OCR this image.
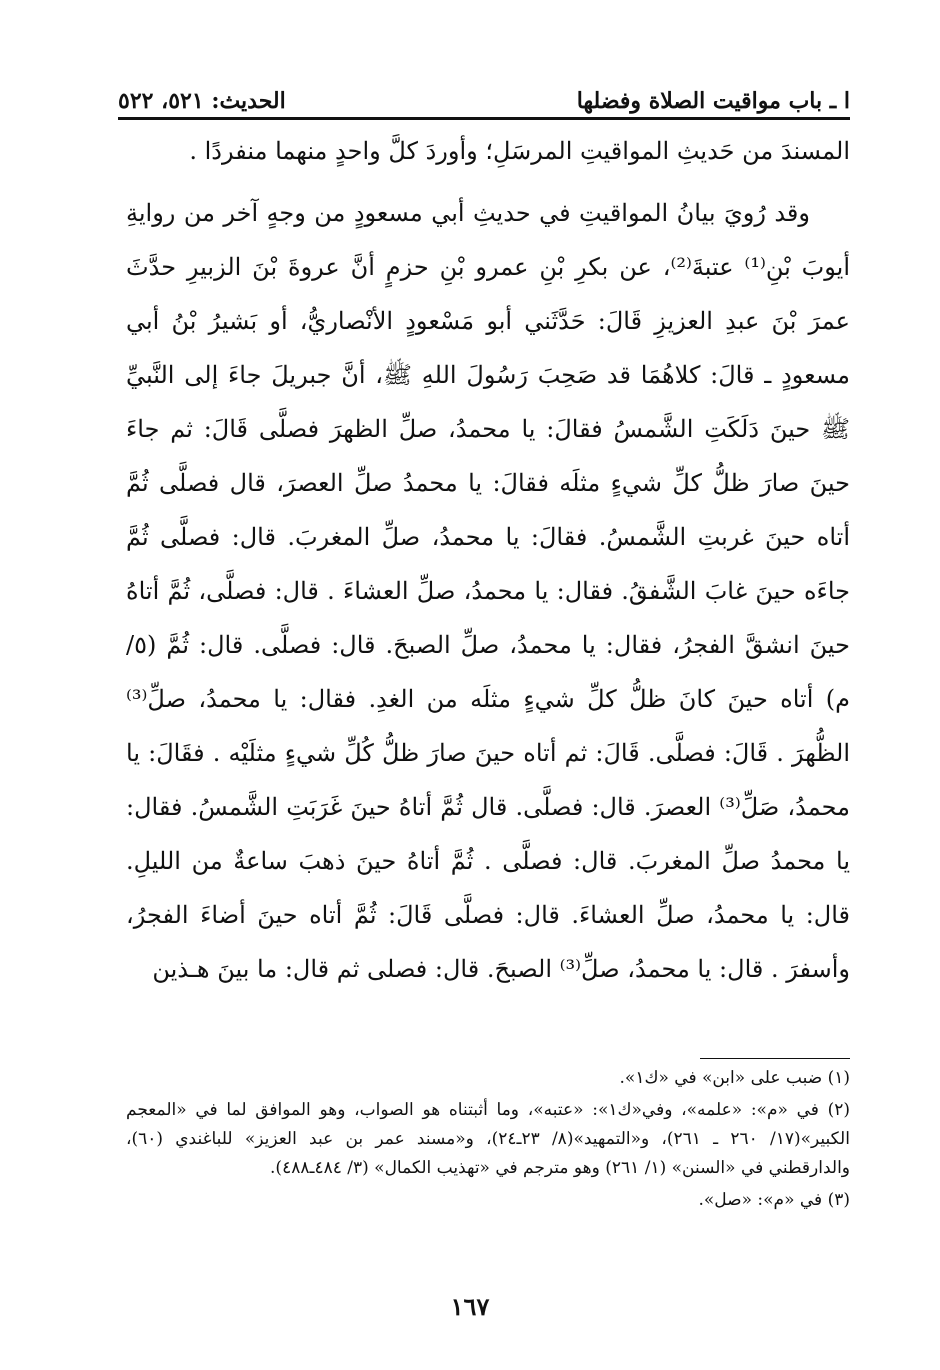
ا ـ باب مواقيت الصلاة وفضلها
الحديث: ٥٢١، ٥٢٢

المسندَ من حَديثِ المواقيتِ المرسَلِ؛ وأوردَ كلَّ واحدٍ منهما منفردًا .

وقد رُويَ بيانُ المواقيتِ في حديثِ أبي مسعودٍ من وجهٍ آخر من روايةِ أيوبَ بْنِ⁽¹⁾ عتبةَ⁽²⁾، عن بكرِ بْنِ عمرو بْنِ حزمٍ أنَّ عروةَ بْنَ الزبيرِ حدَّثَ عمرَ بْنَ عبدِ العزيزِ قَالَ: حَدَّثَني أبو مَسْعودٍ الأنْصاريُّ، أو بَشيرُ بْنُ أبي مسعودٍ ـ قالَ: كلاهُمَا قد صَحِبَ رَسُولَ اللهِ ﷺ، أنَّ جبريلَ جاءَ إلى النَّبيِّ ﷺ حينَ دَلَكَتِ الشَّمسُ فقالَ: يا محمدُ، صلِّ الظهرَ فصلَّى قَالَ: ثم جاءَ حينَ صارَ ظلُّ كلِّ شيءٍ مثلَه فقالَ: يا محمدُ صلِّ العصرَ، قال فصلَّى ثُمَّ أتاه حينَ غربتِ الشَّمسُ. فقالَ: يا محمدُ، صلِّ المغربَ. قال: فصلَّى ثُمَّ جاءَه حينَ غابَ الشَّفقُ. فقال: يا محمدُ، صلِّ العشاءَ . قال: فصلَّى، ثُمَّ أتاهُ حينَ انشقَّ الفجرُ، فقال: يا محمدُ، صلِّ الصبحَ. قال: فصلَّى. قال: ثُمَّ (٥/ م) أتاه حينَ كانَ ظلُّ كلِّ شيءٍ مثلَه من الغدِ. فقال: يا محمدُ، صلِّ⁽³⁾ الظُّهرَ . قَالَ: فصلَّى. قَالَ: ثم أتاه حينَ صارَ ظلُّ كُلِّ شيءٍ مثلَيْه . فقَالَ: يا محمدُ، صَلِّ⁽³⁾ العصرَ. قال: فصلَّى. قال ثُمَّ أتاهُ حينَ غَرَبَتِ الشَّمسُ. فقال: يا محمدُ صلِّ المغربَ. قال: فصلَّى . ثُمَّ أتاهُ حينَ ذهبَ ساعةٌ من الليلِ. قال: يا محمدُ، صلِّ العشاءَ. قال: فصلَّى قَالَ: ثُمَّ أتاه حينَ أضاءَ الفجرُ، وأسفرَ . قال: يا محمدُ، صلِّ⁽³⁾ الصبحَ. قال: فصلى ثم قال: ما بينَ هـذين

(١) ضبب على «ابن» في «ك١».

(٢) في «م»: «علمه»، وفي«ك١»: «عتبه»، وما أثبتناه هو الصواب، وهو الموافق لما في «المعجم الكبير»(١٧/ ٢٦٠ ـ ٢٦١)، و«التمهيد»(٨/ ٢٣ـ٢٤)، و«مسند عمر بن عبد العزيز» للباغندي (٦٠)، والدارقطني في «السنن» (١/ ٢٦١) وهو مترجم في «تهذيب الكمال» (٣/ ٤٨٤ـ٤٨٨).

(٣) في «م»: «صل».

١٦٧
